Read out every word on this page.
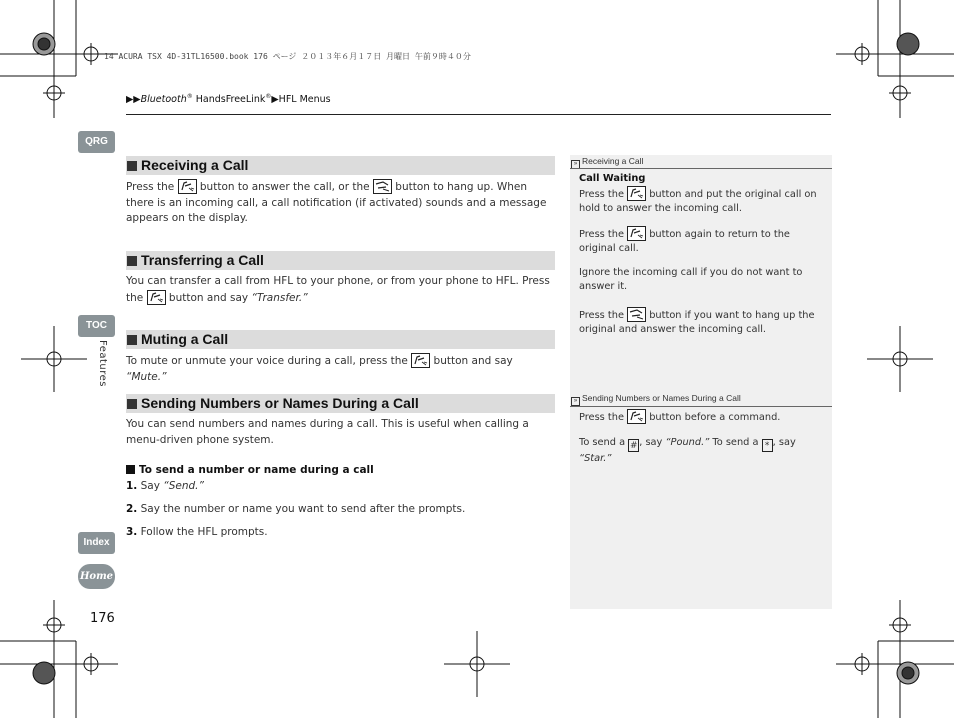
14 ACURA TSX 4D-31TL16500.book 176 ページ ２０１３年６月１７日 月曜日 午前９時４０分
▶▶Bluetooth® HandsFreeLink®▶HFL Menus
QRG
TOC
Features
Index
Home
176
Receiving a Call
Press the
button to answer the call, or the
button to hang up. When there is an incoming call, a call notification (if activated) sounds and a message appears on the display.
Transferring a Call
You can transfer a call from HFL to your phone, or from your phone to HFL. Press the
button and say “Transfer.”
Muting a Call
To mute or unmute your voice during a call, press the
button and say “Mute.”
Sending Numbers or Names During a Call
You can send numbers and names during a call. This is useful when calling a menu-driven phone system.
To send a number or name during a call
1. Say “Send.”
2. Say the number or name you want to send after the prompts.
3. Follow the HFL prompts.
» Receiving a Call
Call Waiting
Press the
button and put the original call on hold to answer the incoming call.
Press the
button again to return to the original call.
Ignore the incoming call if you do not want to answer it.
Press the
button if you want to hang up the original and answer the incoming call.
» Sending Numbers or Names During a Call
Press the
button before a command.
To send a # , say “Pound.” To send a * , say “Star.”
